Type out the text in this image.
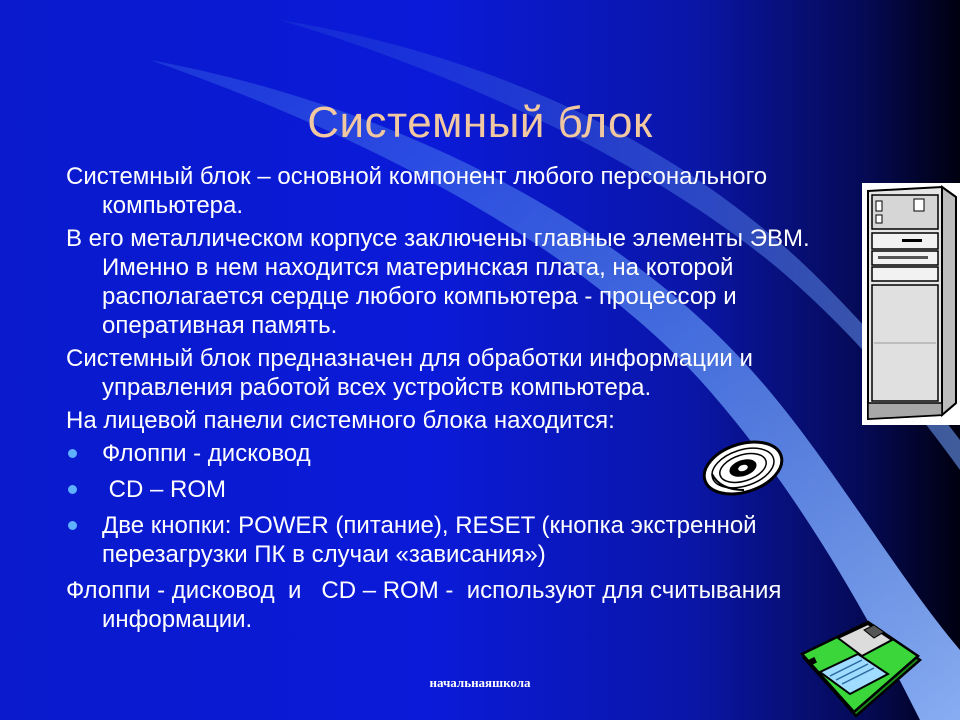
Системный блок

Системный блок – основной компонент любого персонального компьютера.

В его металлическом корпусе заключены главные элементы ЭВМ. Именно в нем находится материнская плата, на которой располагается сердце любого компьютера - процессор и оперативная память.

Системный блок предназначен для обработки информации и управления работой всех устройств компьютера.

На лицевой панели системного блока находится:

Флоппи - дисковод
CD – ROM
Две кнопки: POWER (питание), RESET (кнопка экстренной перезагрузки ПК в случаи «зависания»)

Флоппи - дисковод  и   CD – ROM -  используют для считывания информации.

начальнаяшкола
